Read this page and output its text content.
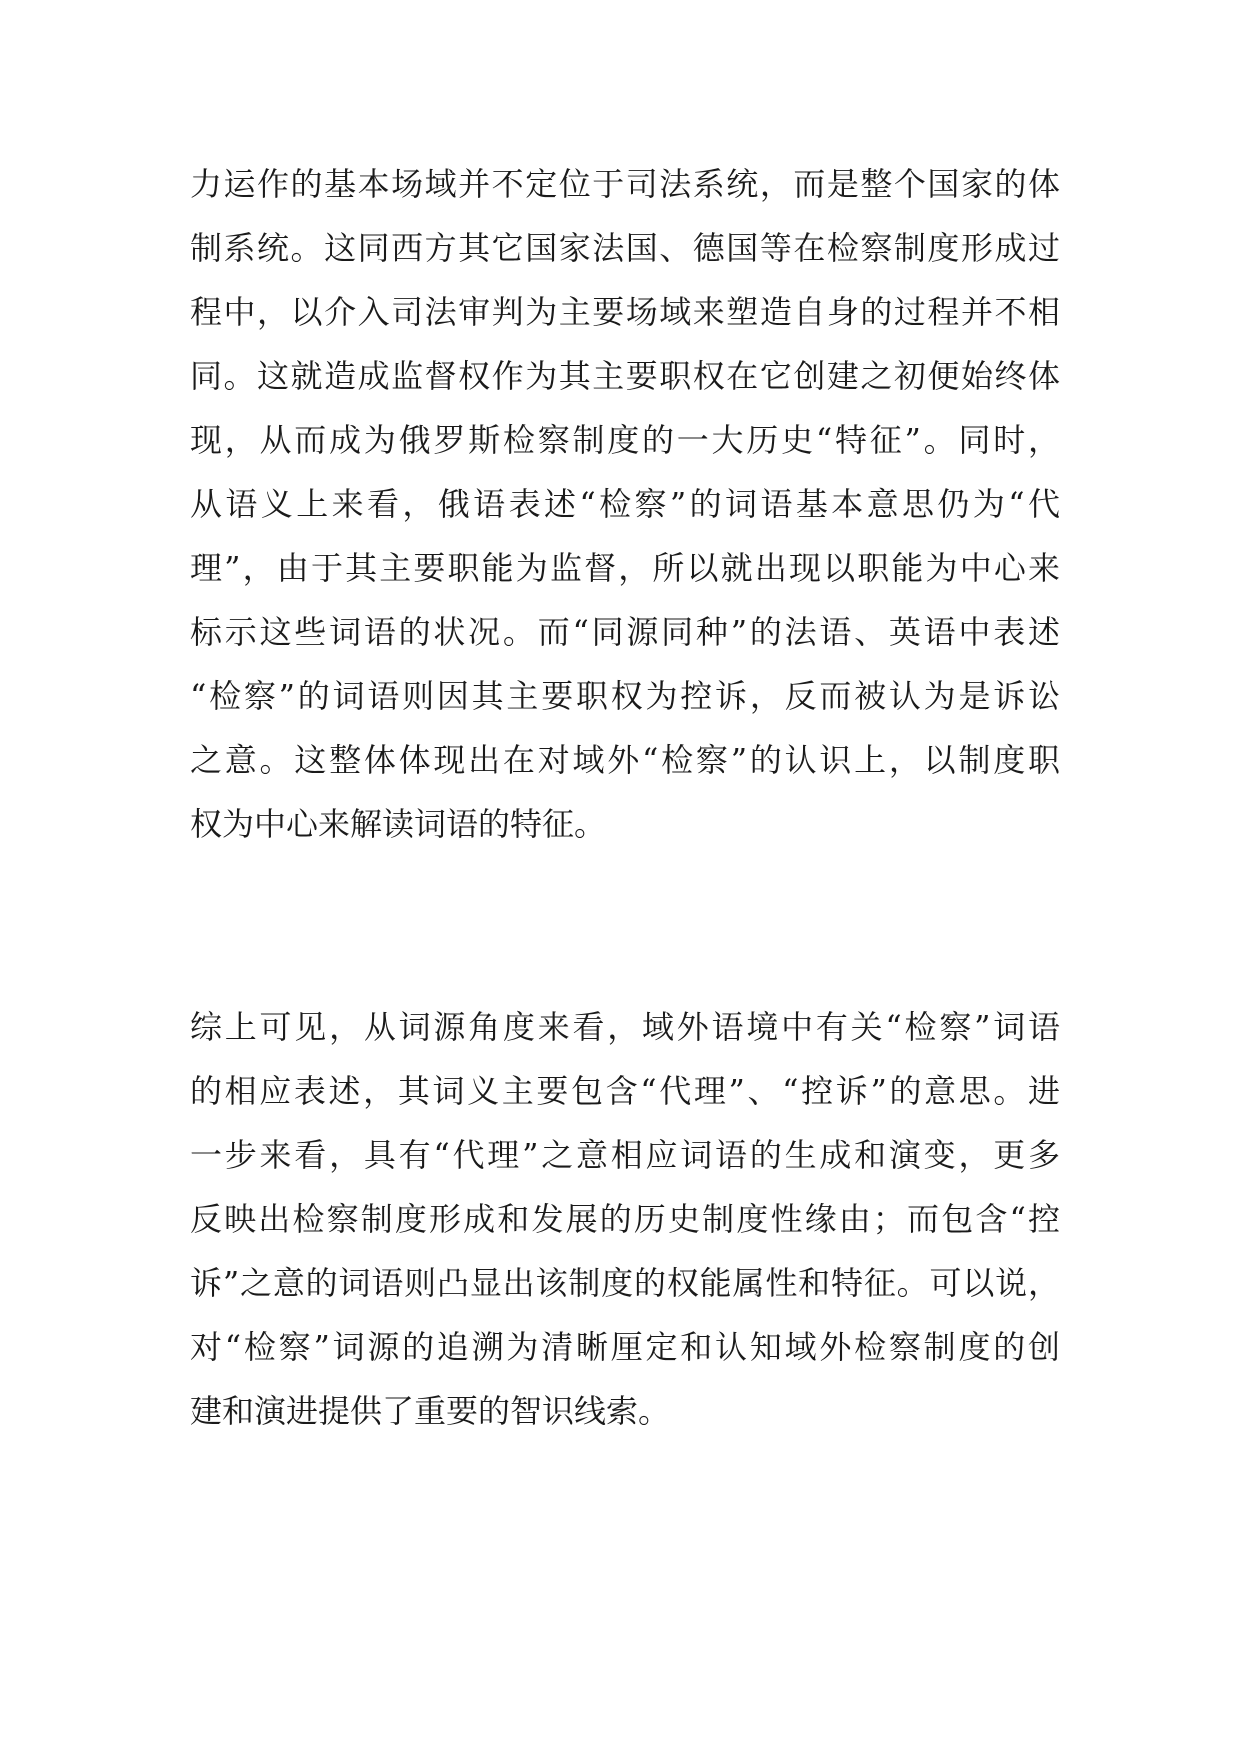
力运作的基本场域并不定位于司法系统，而是整个国家的体
制系统。这同西方其它国家法国、德国等在检察制度形成过
程中，以介入司法审判为主要场域来塑造自身的过程并不相
同。这就造成监督权作为其主要职权在它创建之初便始终体
现，从而成为俄罗斯检察制度的一大历史“特征”。同时，
从语义上来看，俄语表述“检察”的词语基本意思仍为“代
理”，由于其主要职能为监督，所以就出现以职能为中心来
标示这些词语的状况。而“同源同种”的法语、英语中表述
“检察”的词语则因其主要职权为控诉，反而被认为是诉讼
之意。这整体体现出在对域外“检察”的认识上，以制度职
权为中心来解读词语的特征。
综上可见，从词源角度来看，域外语境中有关“检察”词语
的相应表述，其词义主要包含“代理”、“控诉”的意思。进
一步来看，具有“代理”之意相应词语的生成和演变，更多
反映出检察制度形成和发展的历史制度性缘由；而包含“控
诉”之意的词语则凸显出该制度的权能属性和特征。可以说，
对“检察”词源的追溯为清晰厘定和认知域外检察制度的创
建和演进提供了重要的智识线索。
